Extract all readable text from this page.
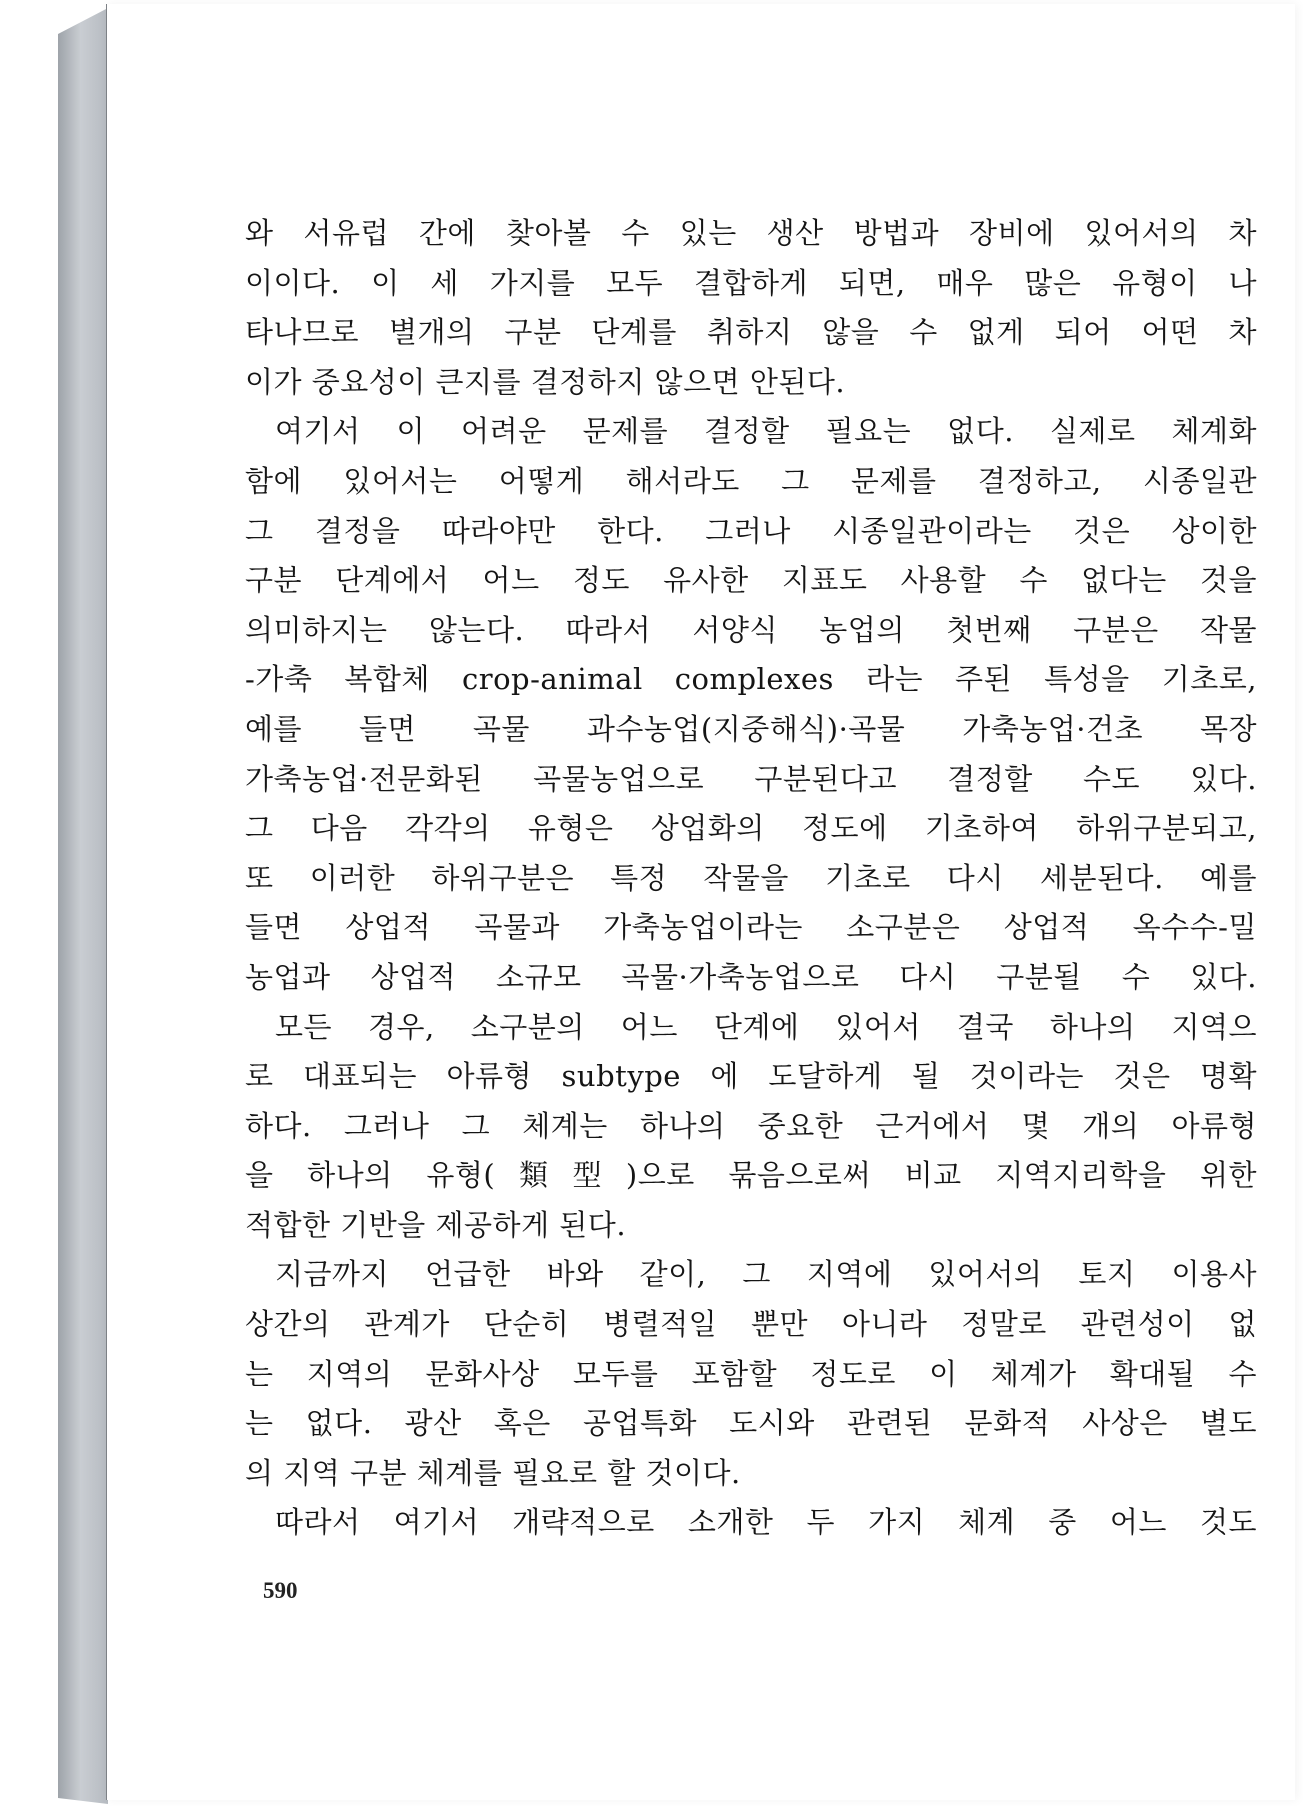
와 서유럽 간에 찾아볼 수 있는 생산 방법과 장비에 있어서의 차
이이다. 이 세 가지를 모두 결합하게 되면, 매우 많은 유형이 나
타나므로 별개의 구분 단계를 취하지 않을 수 없게 되어 어떤 차
이가 중요성이 큰지를 결정하지 않으면 안된다.
여기서 이 어려운 문제를 결정할 필요는 없다. 실제로 체계화
함에 있어서는 어떻게 해서라도 그 문제를 결정하고, 시종일관
그 결정을 따라야만 한다. 그러나 시종일관이라는 것은 상이한
구분 단계에서 어느 정도 유사한 지표도 사용할 수 없다는 것을
의미하지는 않는다. 따라서 서양식 농업의 첫번째 구분은 작물
-가축 복합체 crop-animal complexes 라는 주된 특성을 기초로,
예를 들면 곡물 과수농업(지중해식)·곡물 가축농업·건초 목장
가축농업·전문화된 곡물농업으로 구분된다고 결정할 수도 있다.
그 다음 각각의 유형은 상업화의 정도에 기초하여 하위구분되고,
또 이러한 하위구분은 특정 작물을 기초로 다시 세분된다. 예를
들면 상업적 곡물과 가축농업이라는 소구분은 상업적 옥수수-밀
농업과 상업적 소규모 곡물·가축농업으로 다시 구분될 수 있다.
모든 경우, 소구분의 어느 단계에 있어서 결국 하나의 지역으
로 대표되는 아류형 subtype 에 도달하게 될 것이라는 것은 명확
하다. 그러나 그 체계는 하나의 중요한 근거에서 몇 개의 아류형
을 하나의 유형(類型)으로 묶음으로써 비교 지역지리학을 위한
적합한 기반을 제공하게 된다.
지금까지 언급한 바와 같이, 그 지역에 있어서의 토지 이용사
상간의 관계가 단순히 병렬적일 뿐만 아니라 정말로 관련성이 없
는 지역의 문화사상 모두를 포함할 정도로 이 체계가 확대될 수
는 없다. 광산 혹은 공업특화 도시와 관련된 문화적 사상은 별도
의 지역 구분 체계를 필요로 할 것이다.
따라서 여기서 개략적으로 소개한 두 가지 체계 중 어느 것도
590
